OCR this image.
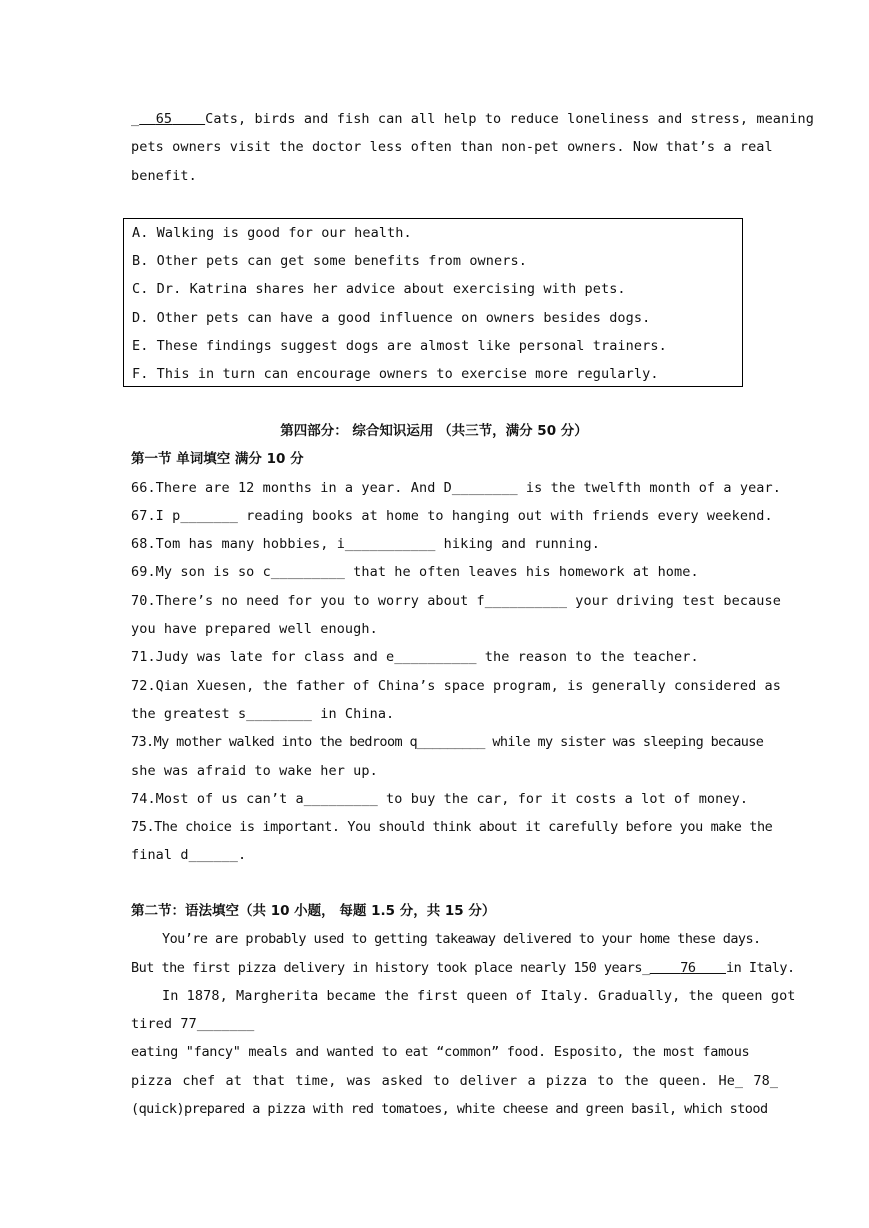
_ 65 Cats, birds and fish can all help to reduce loneliness and stress, meaning
pets owners visit the doctor less often than non-pet owners. Now that’s a real
benefit.
A. Walking is good for our health.
B. Other pets can get some benefits from owners.
C. Dr. Katrina shares her advice about exercising with pets.
D. Other pets can have a good influence on owners besides dogs.
E. These findings suggest dogs are almost like personal trainers.
F. This in turn can encourage owners to exercise more regularly.
第四部分： 综合知识运用 （共三节，满分 50 分）
第一节 单词填空 满分 10 分
66.There are 12 months in a year. And D________ is the twelfth month of a year.
67.I p_______ reading books at home to hanging out with friends every weekend.
68.Tom has many hobbies, i___________ hiking and running.
69.My son is so c_________ that he often leaves his homework at home.
70.There’s no need for you to worry about f__________ your driving test because
you have prepared well enough.
71.Judy was late for class and e__________ the reason to the teacher.
72.Qian Xuesen, the father of China’s space program, is generally considered as
the greatest s________ in China.
73.My mother walked into the bedroom q_________ while my sister was sleeping because
she was afraid to wake her up.
74.Most of us can’t a_________ to buy the car, for it costs a lot of money.
75.The choice is important. You should think about it carefully before you make the
final d______.
第二节：语法填空（共 10 小题， 每题 1.5 分，共 15 分）
You’re are probably used to getting takeaway delivered to your home these days.
But the first pizza delivery in history took place nearly 150 years_ 76 in Italy.
In 1878, Margherita became the first queen of Italy. Gradually, the queen got
tired 77_______
eating "fancy" meals and wanted to eat “common” food. Esposito, the most famous
pizza chef at that time, was asked to deliver a pizza to the queen. He_ 78_
(quick)prepared a pizza with red tomatoes, white cheese and green basil, which stood
